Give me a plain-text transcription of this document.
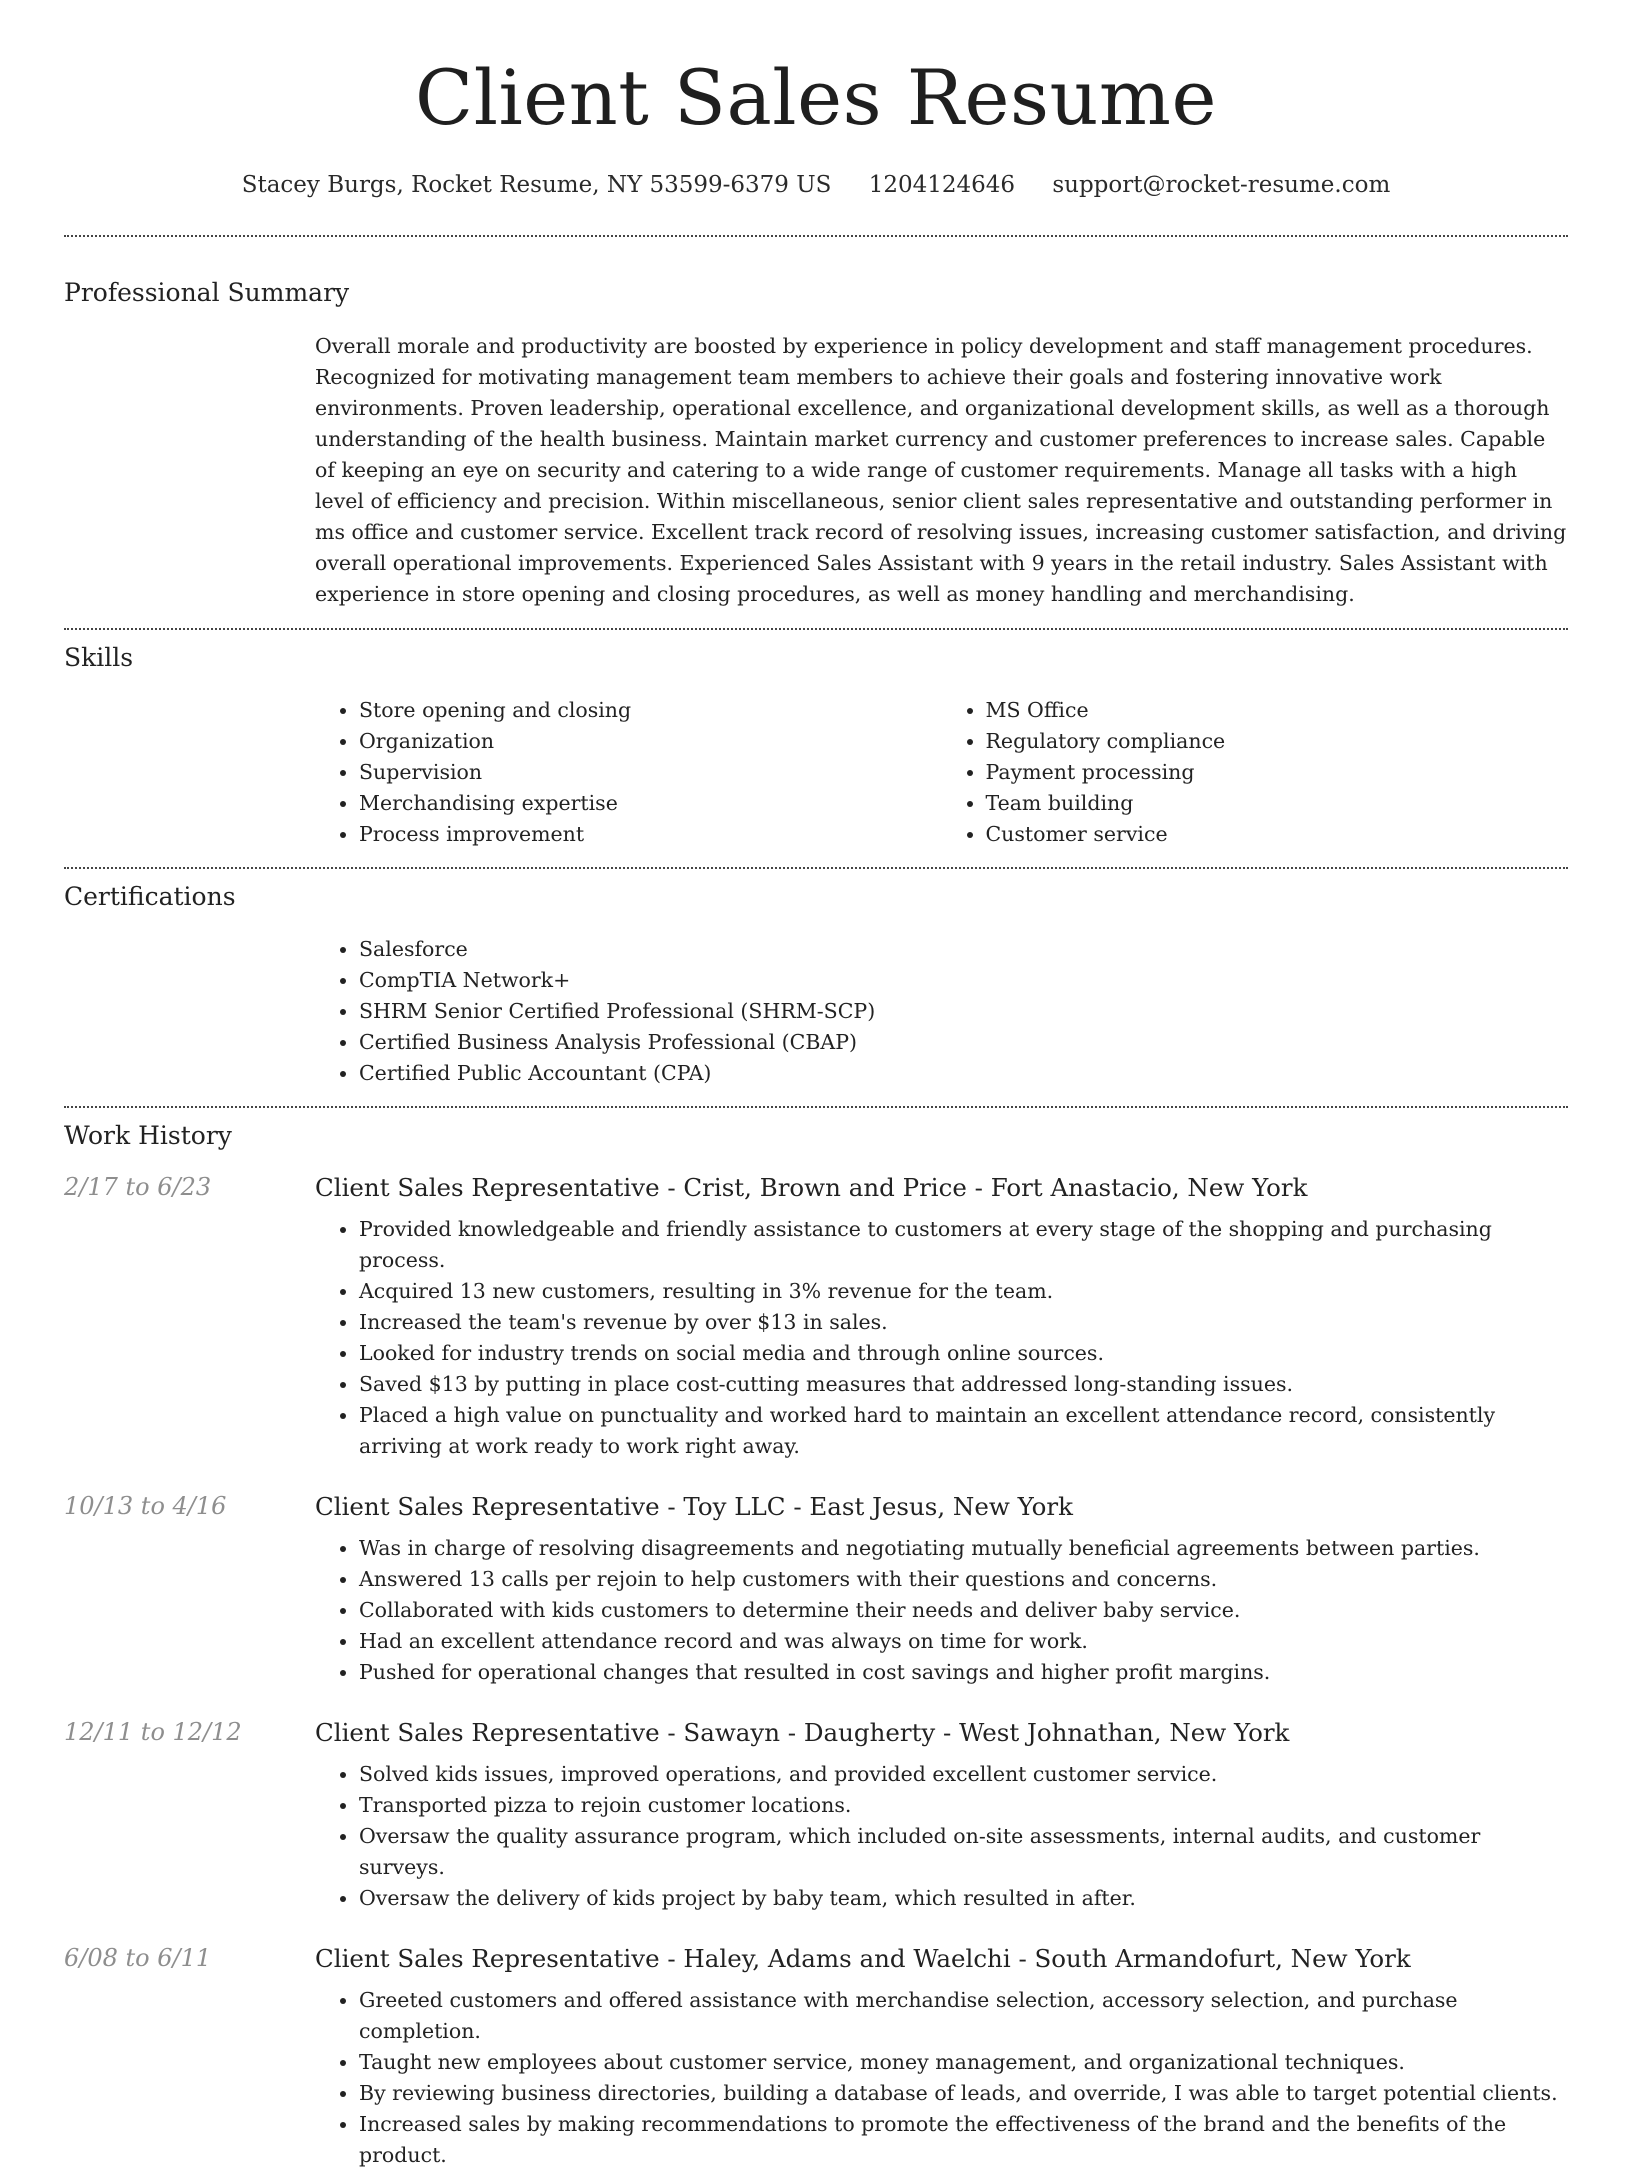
Client Sales Resume
Stacey Burgs, Rocket Resume, NY 53599-6379 US 1204124646 support@rocket-resume.com
Professional Summary
Overall morale and productivity are boosted by experience in policy development and staff management procedures. Recognized for motivating management team members to achieve their goals and fostering innovative work environments. Proven leadership, operational excellence, and organizational development skills, as well as a thorough understanding of the health business. Maintain market currency and customer preferences to increase sales. Capable of keeping an eye on security and catering to a wide range of customer requirements. Manage all tasks with a high level of efficiency and precision. Within miscellaneous, senior client sales representative and outstanding performer in ms office and customer service. Excellent track record of resolving issues, increasing customer satisfaction, and driving overall operational improvements. Experienced Sales Assistant with 9 years in the retail industry. Sales Assistant with experience in store opening and closing procedures, as well as money handling and merchandising.
Skills
• Store opening and closing
• Organization
• Supervision
• Merchandising expertise
• Process improvement
• MS Office
• Regulatory compliance
• Payment processing
• Team building
• Customer service
Certifications
• Salesforce
• CompTIA Network+
• SHRM Senior Certified Professional (SHRM-SCP)
• Certified Business Analysis Professional (CBAP)
• Certified Public Accountant (CPA)
Work History
2/17 to 6/23	Client Sales Representative - Crist, Brown and Price - Fort Anastacio, New York
• Provided knowledgeable and friendly assistance to customers at every stage of the shopping and purchasing process.
• Acquired 13 new customers, resulting in 3% revenue for the team.
• Increased the team's revenue by over $13 in sales.
• Looked for industry trends on social media and through online sources.
• Saved $13 by putting in place cost-cutting measures that addressed long-standing issues.
• Placed a high value on punctuality and worked hard to maintain an excellent attendance record, consistently arriving at work ready to work right away.
10/13 to 4/16	Client Sales Representative - Toy LLC - East Jesus, New York
• Was in charge of resolving disagreements and negotiating mutually beneficial agreements between parties.
• Answered 13 calls per rejoin to help customers with their questions and concerns.
• Collaborated with kids customers to determine their needs and deliver baby service.
• Had an excellent attendance record and was always on time for work.
• Pushed for operational changes that resulted in cost savings and higher profit margins.
12/11 to 12/12	Client Sales Representative - Sawayn - Daugherty - West Johnathan, New York
• Solved kids issues, improved operations, and provided excellent customer service.
• Transported pizza to rejoin customer locations.
• Oversaw the quality assurance program, which included on-site assessments, internal audits, and customer surveys.
• Oversaw the delivery of kids project by baby team, which resulted in after.
6/08 to 6/11	Client Sales Representative - Haley, Adams and Waelchi - South Armandofurt, New York
• Greeted customers and offered assistance with merchandise selection, accessory selection, and purchase completion.
• Taught new employees about customer service, money management, and organizational techniques.
• By reviewing business directories, building a database of leads, and override, I was able to target potential clients.
• Increased sales by making recommendations to promote the effectiveness of the brand and the benefits of the product.
